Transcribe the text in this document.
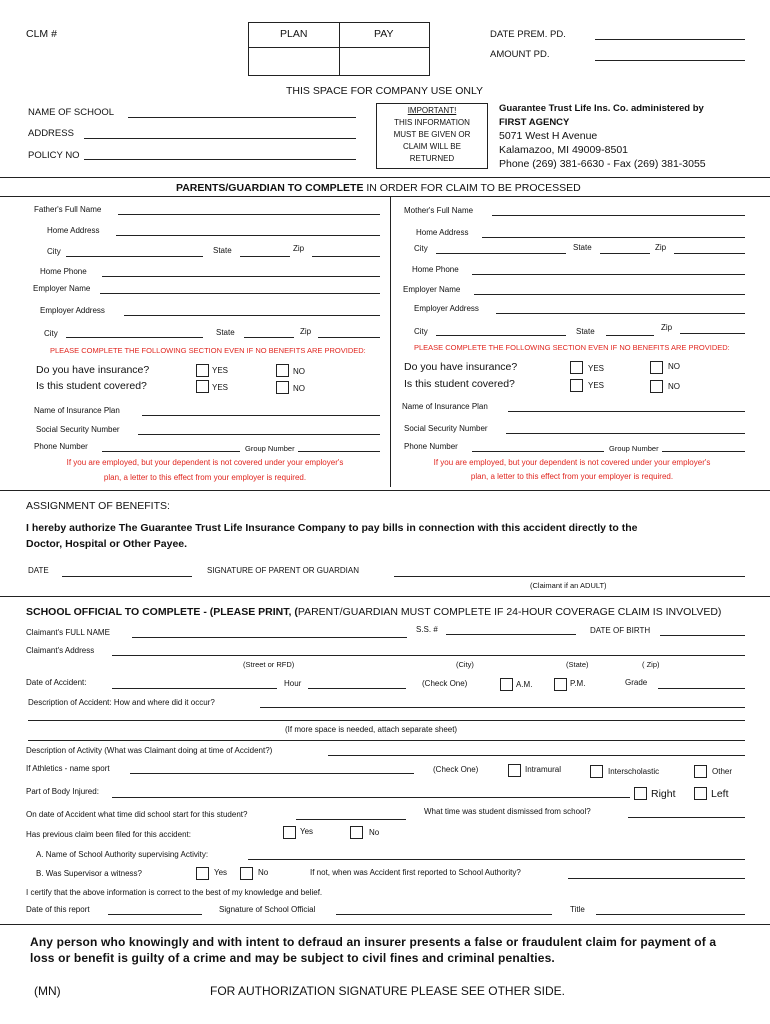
CLM #	PLAN	PAY	DATE PREM. PD.
AMOUNT PD.
THIS SPACE FOR COMPANY USE ONLY
NAME OF SCHOOL
ADDRESS
POLICY NO
IMPORTANT!
THIS INFORMATION
MUST BE GIVEN OR
CLAIM WILL BE
RETURNED
Guarantee Trust Life Ins. Co. administered by
FIRST AGENCY
5071 West H Avenue
Kalamazoo, MI 49009-8501
Phone (269) 381-6630 - Fax (269) 381-3055
PARENTS/GUARDIAN TO COMPLETE IN ORDER FOR CLAIM TO BE PROCESSED
Father's Full Name
Home Address
City	State	Zip
Home Phone
Employer Name
Employer Address
City	State	Zip
PLEASE COMPLETE THE FOLLOWING SECTION EVEN IF NO BENEFITS ARE PROVIDED:
Do you have insurance?
Is this student covered?
YES	NO
YES	NO
Name of Insurance Plan
Social Security Number
Phone Number	Group Number
If you are employed, but your dependent is not covered under your employer's
plan, a letter to this effect from your employer is required.
Mother's Full Name
Home Address
City	State	Zip
Home Phone
Employer Name
Employer Address
City	State	Zip
PLEASE COMPLETE THE FOLLOWING SECTION EVEN IF NO BENEFITS ARE PROVIDED:
Do you have insurance?
Is this student covered?
YES	NO
YES	NO
Name of Insurance Plan
Social Security Number
Phone Number	Group Number
If you are employed, but your dependent is not covered under your employer's
plan, a letter to this effect from your employer is required.
ASSIGNMENT OF BENEFITS:
I hereby authorize The Guarantee Trust Life Insurance Company to pay bills in connection with this accident directly to the
Doctor, Hospital or Other Payee.
DATE	SIGNATURE OF PARENT OR GUARDIAN
(Claimant if an ADULT)
SCHOOL OFFICIAL TO COMPLETE - (PLEASE PRINT, (PARENT/GUARDIAN MUST COMPLETE IF 24-HOUR COVERAGE CLAIM IS INVOLVED)
Claimant's FULL NAME	S.S. #	DATE OF BIRTH
Claimant's Address
(Street or RFD)	(City)	(State)	( Zip)
Date of Accident:	Hour	(Check One)	A.M.	P.M.	Grade
Description of Accident: How and where did it occur?
(If more space is needed, attach separate sheet)
Description of Activity (What was Claimant doing at time of Accident?)
If Athletics - name sport	(Check One)	Intramural	Interscholastic	Other
Part of Body Injured:	Right	Left
On date of Accident what time did school start for this student?	What time was student dismissed from school?
Has previous claim been filed for this accident:	Yes	No
A. Name of School Authority supervising Activity:
B. Was Supervisor a witness?	Yes	No	If not, when was Accident first reported to School Authority?
I certify that the above information is correct to the best of my knowledge and belief.
Date of this report	Signature of School Official	Title
Any person who knowingly and with intent to defraud an insurer presents a false or fraudulent claim for payment of a
loss or benefit is guilty of a crime and may be subject to civil fines and criminal penalties.
(MN)	FOR AUTHORIZATION SIGNATURE PLEASE SEE OTHER SIDE.
